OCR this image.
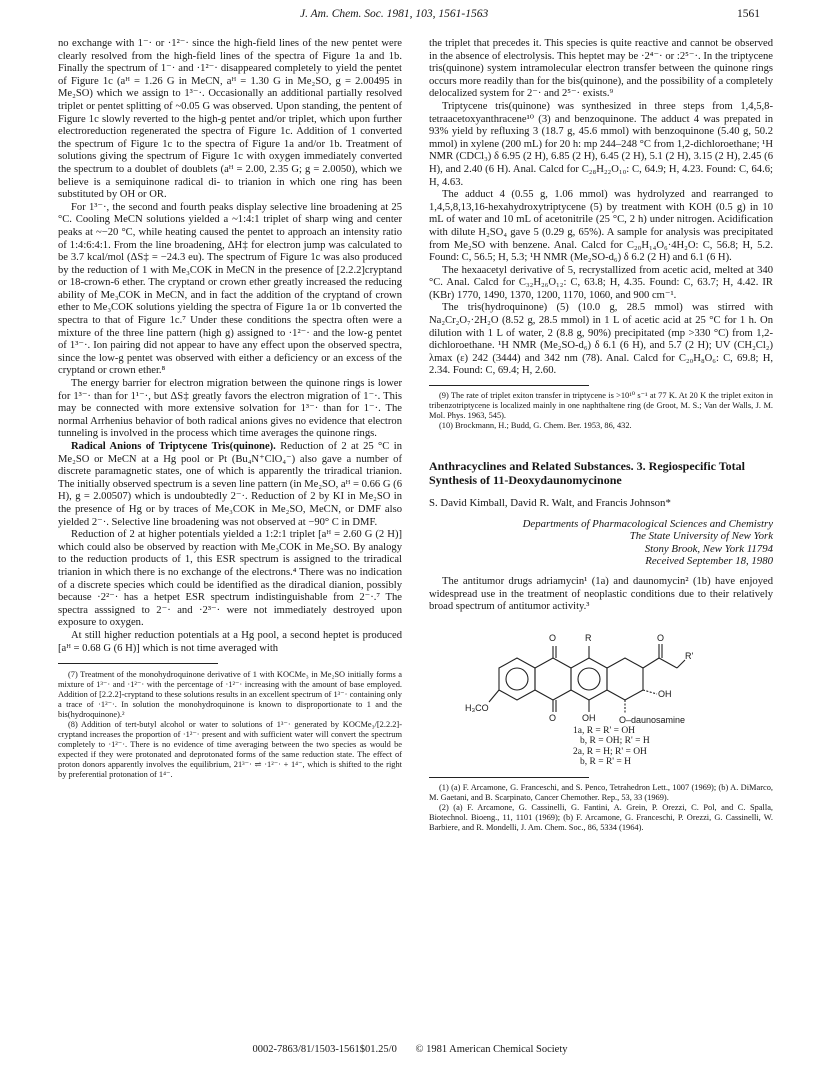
J. Am. Chem. Soc. 1981, 103, 1561-1563	1561

no exchange with 1⁻· or ·1²⁻· since the high-field lines of the new pentet were clearly resolved from the high-field lines of the spectra of Figure 1a and 1b. Finally the spectrum of 1⁻· and ·1²⁻· disappeared completely to yield the pentet of Figure 1c (aᴴ = 1.26 G in MeCN, aᴴ = 1.30 G in Me₂SO, g = 2.00495 in Me₂SO) which we assign to 1³⁻·. Occasionally an additional partially resolved triplet or pentet splitting of ~0.05 G was observed. Upon standing, the pentent of Figure 1c slowly reverted to the high-g pentet and/or triplet, which upon further electroreduction regenerated the spectra of Figure 1c. Addition of 1 converted the spectrum of Figure 1c to the spectra of Figure 1a and/or 1b. Treatment of solutions giving the spectrum of Figure 1c with oxygen immediately converted the spectrum to a doublet of doublets (aᴴ = 2.00, 2.35 G; g = 2.0050), which we believe is a semiquinone radical di- to trianion in which one ring has been substituted by OH or OR.

For 1³⁻·, the second and fourth peaks display selective line broadening at 25 °C. Cooling MeCN solutions yielded a ~1:4:1 triplet of sharp wing and center peaks at ~−20 °C, while heating caused the pentet to approach an intensity ratio of 1:4:6:4:1. From the line broadening, ΔH‡ for electron jump was calculated to be 3.7 kcal/mol (ΔS‡ = −24.3 eu). The spectrum of Figure 1c was also produced by the reduction of 1 with Me₃COK in MeCN in the presence of [2.2.2]cryptand or 18-crown-6 ether. The cryptand or crown ether greatly increased the reducing ability of Me₃COK in MeCN, and in fact the addition of the cryptand of crown ether to Me₃COK solutions yielding the spectra of Figure 1a or 1b converted the spectra to that of Figure 1c.⁷ Under these conditions the spectra often were a mixture of the three line pattern (high g) assigned to ·1²⁻· and the low-g pentet of 1³⁻·. Ion pairing did not appear to have any effect upon the observed spectra, since the low-g pentet was observed with either a deficiency or an excess of the cryptand or crown ether.⁸

The energy barrier for electron migration between the quinone rings is lower for 1³⁻· than for 1¹⁻·, but ΔS‡ greatly favors the electron migration of 1⁻·. This may be connected with more extensive solvation for 1³⁻· than for 1⁻·. The normal Arrhenius behavior of both radical anions gives no evidence that electron tunneling is involved in the process which time averages the quinone rings.

Radical Anions of Triptycene Tris(quinone). Reduction of 2 at 25 °C in Me₂SO or MeCN at a Hg pool or Pt (Bu₄N⁺ClO₄⁻) also gave a number of discrete paramagnetic states, one of which is apparently the triradical trianion. The initially observed spectrum is a seven line pattern (in Me₂SO, aᴴ = 0.66 G (6 H), g = 2.00507) which is undoubtedly 2⁻·. Reduction of 2 by KI in Me₂SO in the presence of Hg or by traces of Me₃COK in Me₂SO, MeCN, or DMF also yielded 2⁻·. Selective line broadening was not observed at −90° C in DMF.

Reduction of 2 at higher potentials yielded a 1:2:1 triplet [aᴴ = 2.60 G (2 H)] which could also be observed by reaction with Me₃COK in Me₂SO. By analogy to the reduction products of 1, this ESR spectrum is assigned to the triradical trianion in which there is no exchange of the electrons.⁴ There was no indication of a discrete species which could be identified as the diradical dianion, possibly because ·2²⁻· has a hetpet ESR spectrum indistinguishable from 2⁻·.⁷ The spectra asssigned to 2⁻· and ·2³⁻· were not immediately destroyed upon exposure to oxygen.

At still higher reduction potentials at a Hg pool, a second heptet is produced [aᴴ = 0.68 G (6 H)] which is not time averaged with

(7) Treatment of the monohydroquinone derivative of 1 with KOCMe₃ in Me₂SO initially forms a mixture of 1³⁻· and ·1²⁻· with the percentage of ·1²⁻· increasing with the amount of base employed. Addition of [2.2.2]-cryptand to these solutions results in an excellent spectrum of 1³⁻· containing only a trace of ·1²⁻·. In solution the monohydroquinone is known to disproportionate to 1 and the bis(hydroquinone).²

(8) Addition of tert-butyl alcohol or water to solutions of 1³⁻· generated by KOCMe₃/[2.2.2]-cryptand increases the proportion of ·1²⁻· present and with sufficient water will convert the spectrum completely to ·1²⁻·. There is no evidence of time averaging between the two species as would be expected if they were protonated and deprotonated forms of the same reduction state. The effect of proton donors apparently involves the equilibrium, 21³⁻· ⇌ ·1²⁻· + 1⁴⁻, which is shifted to the right by preferential protonation of 1⁴⁻.

the triplet that precedes it. This species is quite reactive and cannot be observed in the absence of electrolysis. This heptet may be ·2⁴⁻· or :2⁵⁻·. In the triptycene tris(quinone) system intramolecular electron transfer between the quinone rings occurs more readily than for the bis(quinone), and the possibility of a completely delocalized system for 2⁻· and 2⁵⁻· exists.⁹

Triptycene tris(quinone) was synthesized in three steps from 1,4,5,8-tetraacetoxyanthracene¹⁰ (3) and benzoquinone. The adduct 4 was prepated in 93% yield by refluxing 3 (18.7 g, 45.6 mmol) with benzoquinone (5.40 g, 50.2 mmol) in xylene (200 mL) for 20 h: mp 244–248 °C from 1,2-dichloroethane; ¹H NMR (CDCl₃) δ 6.95 (2 H), 6.85 (2 H), 6.45 (2 H), 5.1 (2 H), 3.15 (2 H), 2.45 (6 H), and 2.40 (6 H). Anal. Calcd for C₂₈H₂₂O₁₀: C, 64.9; H, 4.23. Found: C, 64.6; H, 4.63.

The adduct 4 (0.55 g, 1.06 mmol) was hydrolyzed and rearranged to 1,4,5,8,13,16-hexahydroxytriptycene (5) by treatment with KOH (0.5 g) in 10 mL of water and 10 mL of acetonitrile (25 °C, 2 h) under nitrogen. Acidification with dilute H₂SO₄ gave 5 (0.29 g, 65%). A sample for analysis was precipitated from Me₂SO with benzene. Anal. Calcd for C₂₀H₁₄O₆·4H₂O: C, 56.8; H, 5.2. Found: C, 56.5; H, 5.3; ¹H NMR (Me₂SO-d₆) δ 6.2 (2 H) and 6.1 (6 H).

The hexaacetyl derivative of 5, recrystallized from acetic acid, melted at 340 °C. Anal. Calcd for C₃₂H₂₆O₁₂: C, 63.8; H, 4.35. Found: C, 63.7; H, 4.42. IR (KBr) 1770, 1490, 1370, 1200, 1170, 1060, and 900 cm⁻¹.

The tris(hydroquinone) (5) (10.0 g, 28.5 mmol) was stirred with Na₂Cr₂O₇·2H₂O (8.52 g, 28.5 mmol) in 1 L of acetic acid at 25 °C for 1 h. On dilution with 1 L of water, 2 (8.8 g, 90%) precipitated (mp >330 °C) from 1,2-dichloroethane. ¹H NMR (Me₂SO-d₆) δ 6.1 (6 H), and 5.7 (2 H); UV (CH₂Cl₂) λmax (ε) 242 (3444) and 342 nm (78). Anal. Calcd for C₂₀H₈O₆: C, 69.8; H, 2.34. Found: C, 69.4; H, 2.60.

(9) The rate of triplet exiton transfer in triptycene is >10¹⁰ s⁻¹ at 77 K. At 20 K the triplet exiton in tribenzotriptycene is localized mainly in one naphthaltene ring (de Groot, M. S.; Van der Walls, J. M. Mol. Phys. 1963, 545).

(10) Brockmann, H.; Budd, G. Chem. Ber. 1953, 86, 432.

Anthracyclines and Related Substances. 3. Regiospecific Total Synthesis of 11-Deoxydaunomycinone
S. David Kimball, David R. Walt, and Francis Johnson*
Departments of Pharmacological Sciences and Chemistry
The State University of New York
Stony Brook, New York 11794
Received September 18, 1980

The antitumor drugs adriamycin¹ (1a) and daunomycin² (1b) have enjoyed widespread use in the treatment of neoplastic conditions due to their relatively broad spectrum of antitumor activity.³

O	R	O
R'
OH
H₃CO
O	OH	O–daunosamine
1a, R = R' = OH
b, R = OH; R' = H
2a, R = H; R' = OH
b, R = R' = H

(1) (a) F. Arcamone, G. Franceschi, and S. Penco, Tetrahedron Lett., 1007 (1969); (b) A. DiMarco, M. Gaetani, and B. Scarpinato, Cancer Chemother. Rep., 53, 33 (1969).

(2) (a) F. Arcamone, G. Cassinelli, G. Fantini, A. Grein, P. Orezzi, C. Pol, and C. Spalla, Biotechnol. Bioeng., 11, 1101 (1969); (b) F. Arcamone, G. Franceschi, P. Orezzi, G. Cassinelli, W. Barbiere, and R. Mondelli, J. Am. Chem. Soc., 86, 5334 (1964).

0002-7863/81/1503-1561$01.25/0 © 1981 American Chemical Society
